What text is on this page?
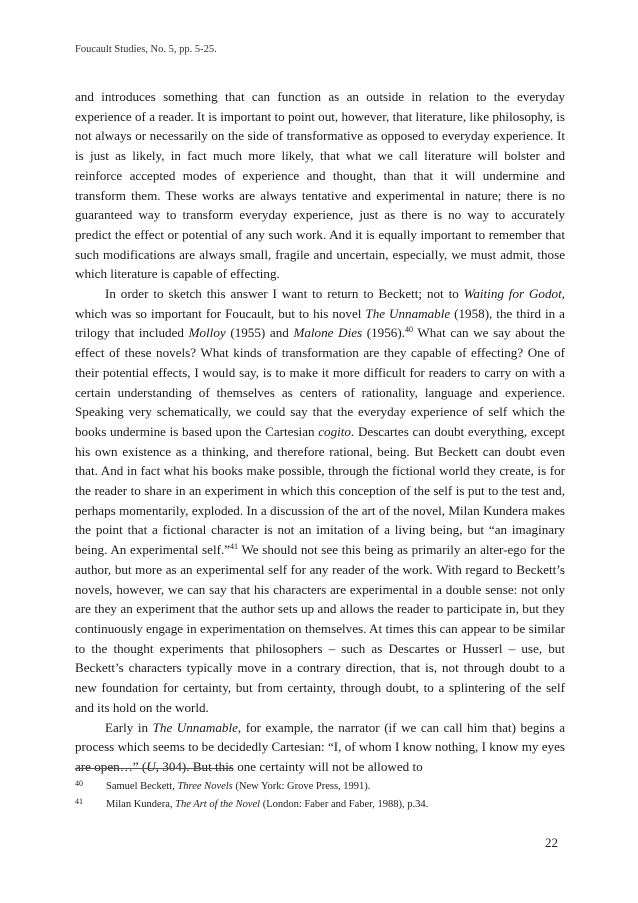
Foucault Studies, No. 5, pp. 5-25.

and introduces something that can function as an outside in relation to the everyday experience of a reader. It is important to point out, however, that literature, like philosophy, is not always or necessarily on the side of transformative as opposed to everyday experience. It is just as likely, in fact much more likely, that what we call literature will bolster and reinforce accepted modes of experience and thought, than that it will undermine and transform them. These works are always tentative and experimental in nature; there is no guaranteed way to transform everyday experience, just as there is no way to accurately predict the effect or potential of any such work. And it is equally important to remember that such modifications are always small, fragile and uncertain, especially, we must admit, those which literature is capable of effecting.

In order to sketch this answer I want to return to Beckett; not to Waiting for Godot, which was so important for Foucault, but to his novel The Unnamable (1958), the third in a trilogy that included Molloy (1955) and Malone Dies (1956).$^{40}$ What can we say about the effect of these novels? What kinds of transformation are they capable of effecting? One of their potential effects, I would say, is to make it more difficult for readers to carry on with a certain understanding of themselves as centers of rationality, language and experience. Speaking very schematically, we could say that the everyday experience of self which the books undermine is based upon the Cartesian cogito. Descartes can doubt everything, except his own existence as a thinking, and therefore rational, being. But Beckett can doubt even that. And in fact what his books make possible, through the fictional world they create, is for the reader to share in an experiment in which this conception of the self is put to the test and, perhaps momentarily, exploded. In a discussion of the art of the novel, Milan Kundera makes the point that a fictional character is not an imitation of a living being, but “an imaginary being. An experimental self.”$^{41}$ We should not see this being as primarily an alter-ego for the author, but more as an experimental self for any reader of the work. With regard to Beckett’s novels, however, we can say that his characters are experimental in a double sense: not only are they an experiment that the author sets up and allows the reader to participate in, but they continuously engage in experimentation on themselves. At times this can appear to be similar to the thought experiments that philosophers – such as Descartes or Husserl – use, but Beckett’s characters typically move in a contrary direction, that is, not through doubt to a new foundation for certainty, but from certainty, through doubt, to a splintering of the self and its hold on the world.

Early in The Unnamable, for example, the narrator (if we can call him that) begins a process which seems to be decidedly Cartesian: “I, of whom I know nothing, I know my eyes are open…” (U, 304). But this one certainty will not be allowed to

40 Samuel Beckett, Three Novels (New York: Grove Press, 1991).
41 Milan Kundera, The Art of the Novel (London: Faber and Faber, 1988), p.34.
22
